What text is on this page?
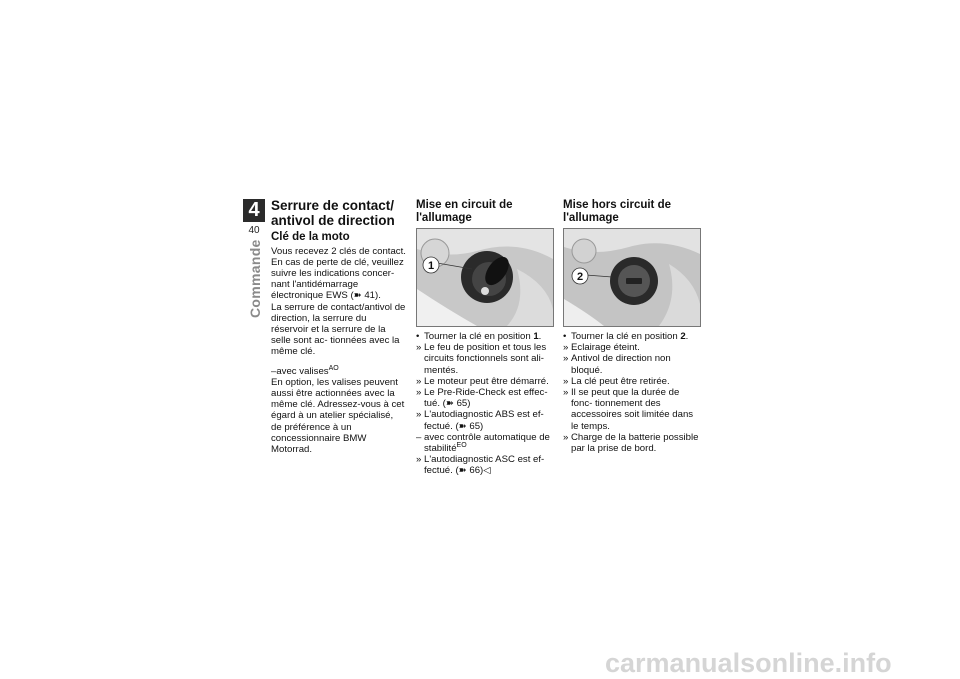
4
40
Commande
Serrure de contact/ antivol de direction
Clé de la moto

Vous recevez 2 clés de contact. En cas de perte de clé, veuillez suivre les indications concer- nant l'antidémarrage électronique EWS (➽ 41).

La serrure de contact/antivol de direction, la serrure du réservoir et la serrure de la selle sont ac- tionnées avec la même clé.

– avec valises$^{AO}$

En option, les valises peuvent aussi être actionnées avec la même clé. Adressez-vous à cet égard à un atelier spécialisé, de préférence à un concessionnaire BMW Motorrad.

Mise en circuit de l'allumage
1
• Tourner la clé en position 1.
» Le feu de position et tous les circuits fonctionnels sont ali- mentés.
» Le moteur peut être démarré.
» Le Pre-Ride-Check est effec- tué. (➽ 65)
» L'autodiagnostic ABS est ef- fectué. (➽ 65)
– avec contrôle automatique de stabilité$^{EO}$
» L'autodiagnostic ASC est ef- fectué. (➽ 66)◁
Mise hors circuit de l'allumage
2
• Tourner la clé en position 2.
» Eclairage éteint.
» Antivol de direction non bloqué.
» La clé peut être retirée.
» Il se peut que la durée de fonc- tionnement des accessoires soit limitée dans le temps.
» Charge de la batterie possible par la prise de bord.
carmanualsonline.info
